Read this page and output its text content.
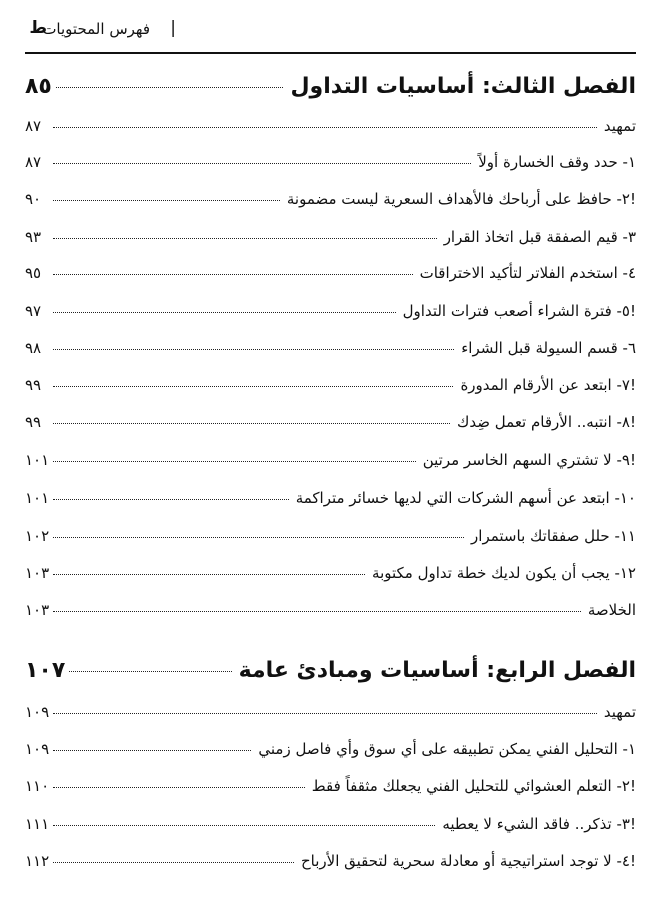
فهرس المحتويات |
ط
الفصل الثالث: أساسيات التداول
٨٥
تمهيد
٨٧
١- حدد وقف الخسارة أولاً
٨٧
٢- حافظ على أرباحك فالأهداف السعرية ليست مضمونة!
٩٠
٣- قيم الصفقة قبل اتخاذ القرار
٩٣
٤- استخدم الفلاتر لتأكيد الاختراقات
٩٥
٥- فترة الشراء أصعب فترات التداول!
٩٧
٦- قسم السيولة قبل الشراء
٩٨
٧- ابتعد عن الأرقام المدورة!
٩٩
٨- انتبه.. الأرقام تعمل ضِدك!
٩٩
٩- لا تشتري السهم الخاسر مرتين!
١٠١
١٠- ابتعد عن أسهم الشركات التي لديها خسائر متراكمة
١٠١
١١- حلل صفقاتك باستمرار
١٠٢
١٢- يجب أن يكون لديك خطة تداول مكتوبة
١٠٣
الخلاصة
١٠٣
الفصل الرابع: أساسيات ومبادئ عامة
١٠٧
تمهيد
١٠٩
١- التحليل الفني يمكن تطبيقه على أي سوق وأي فاصل زمني
١٠٩
٢- التعلم العشوائي للتحليل الفني يجعلك مثقفاً فقط!
١١٠
٣- تذكر.. فاقد الشيء لا يعطيه!
١١١
٤- لا توجد استراتيجية أو معادلة سحرية لتحقيق الأرباح!
١١٢
